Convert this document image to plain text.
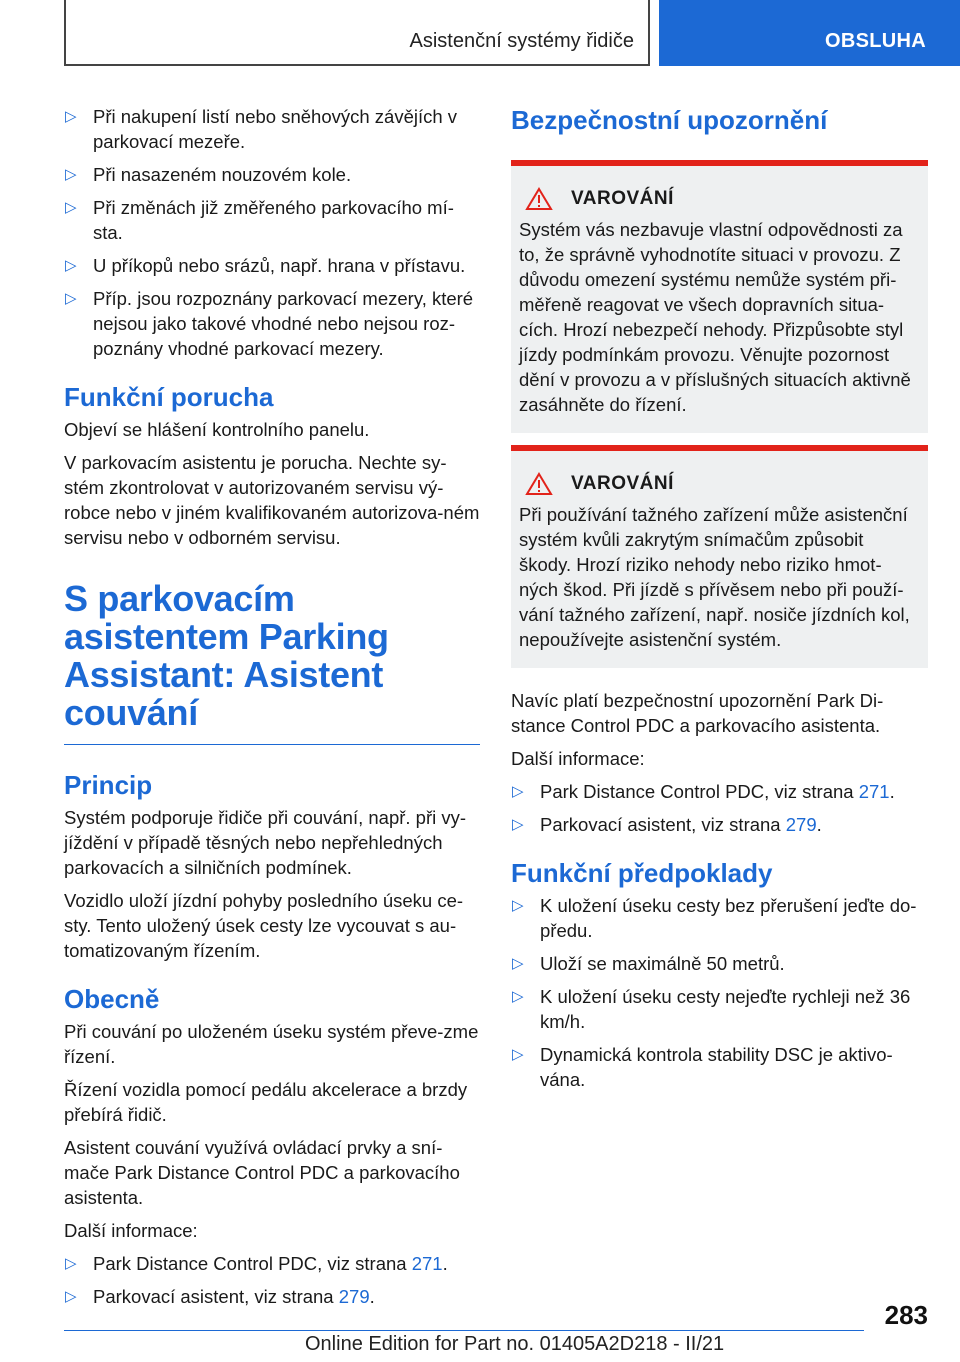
Asistenční systémy řidiče	OBSLUHA
▷ Při nakupení listí nebo sněhových závějích v parkovací mezeře.
▷ Při nasazeném nouzovém kole.
▷ Při změnách již změřeného parkovacího mí-sta.
▷ U příkopů nebo srázů, např. hrana v přístavu.
▷ Příp. jsou rozpoznány parkovací mezery, které nejsou jako takové vhodné nebo nejsou roz-poznány vhodné parkovací mezery.
Funkční porucha

Objeví se hlášení kontrolního panelu.

V parkovacím asistentu je porucha. Nechte sy-stém zkontrolovat v autorizovaném servisu vý-robce nebo v jiném kvalifikovaném autorizova-ném servisu nebo v odborném servisu.

S parkovacím asistentem Parking Assistant: Asistent couvání
Princip

Systém podporuje řidiče při couvání, např. při vy-jíždění v případě těsných nebo nepřehledných parkovacích a silničních podmínek.

Vozidlo uloží jízdní pohyby posledního úseku ce-sty. Tento uložený úsek cesty lze vycouvat s au-tomatizovaným řízením.

Obecně

Při couvání po uloženém úseku systém převe-zme řízení.

Řízení vozidla pomocí pedálu akcelerace a brzdy přebírá řidič.

Asistent couvání využívá ovládací prvky a sní-mače Park Distance Control PDC a parkovacího asistenta.

Další informace:

▷ Park Distance Control PDC, viz strana 271.
▷ Parkovací asistent, viz strana 279.
Bezpečnostní upozornění
VAROVÁNÍ

Systém vás nezbavuje vlastní odpovědnosti za to, že správně vyhodnotíte situaci v provozu. Z důvodu omezení systému nemůže systém při-měřeně reagovat ve všech dopravních situa-cích. Hrozí nebezpečí nehody. Přizpůsobte styl jízdy podmínkám provozu. Věnujte pozornost dění v provozu a v příslušných situacích aktivně zasáhněte do řízení.

VAROVÁNÍ

Při používání tažného zařízení může asistenční systém kvůli zakrytým snímačům způsobit škody. Hrozí riziko nehody nebo riziko hmot-ných škod. Při jízdě s přívěsem nebo při použí-vání tažného zařízení, např. nosiče jízdních kol, nepoužívejte asistenční systém.

Navíc platí bezpečnostní upozornění Park Di-stance Control PDC a parkovacího asistenta.

Další informace:

▷ Park Distance Control PDC, viz strana 271.
▷ Parkovací asistent, viz strana 279.
Funkční předpoklady
▷ K uložení úseku cesty bez přerušení jeďte do-předu.
▷ Uloží se maximálně 50 metrů.
▷ K uložení úseku cesty nejeďte rychleji než 36 km/h.
▷ Dynamická kontrola stability DSC je aktivo-vána.
283
Online Edition for Part no. 01405A2D218 - II/21
